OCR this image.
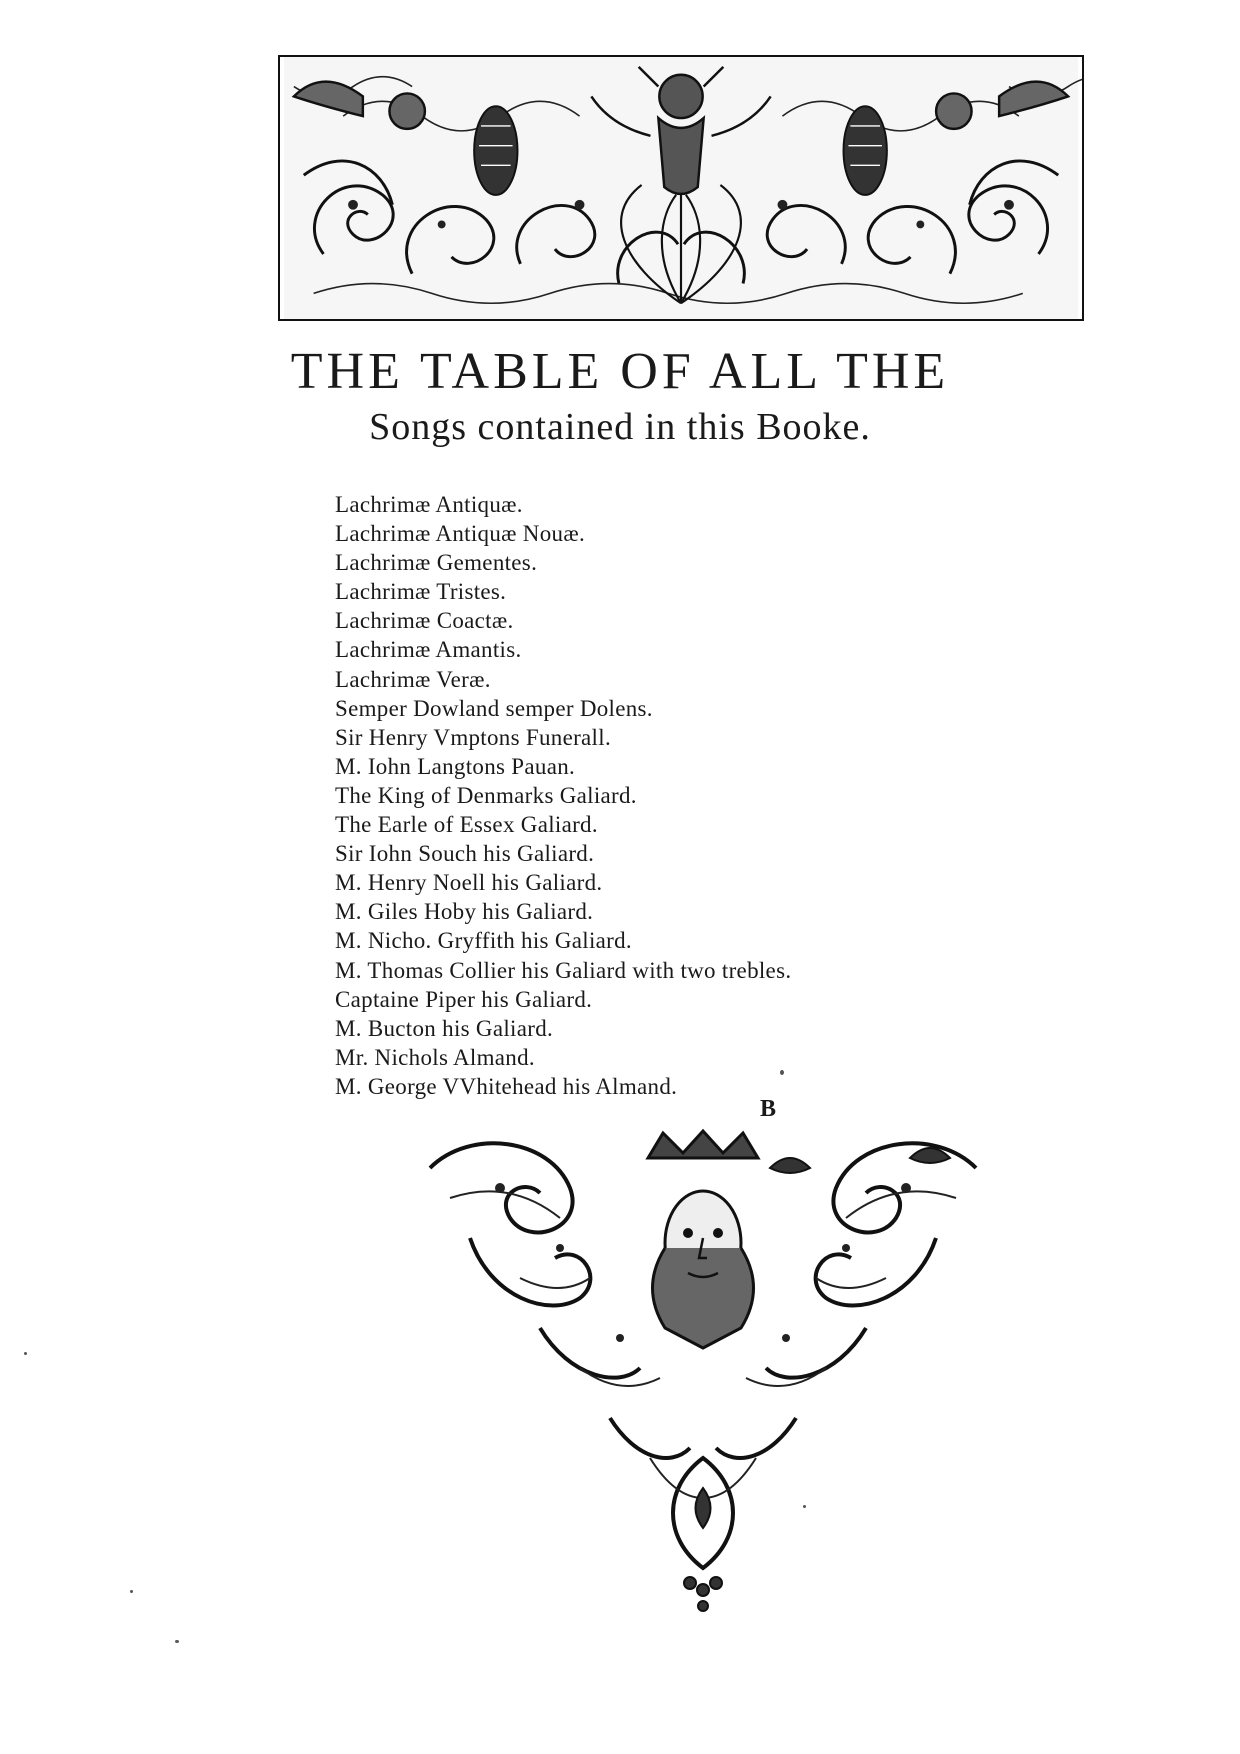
THE TABLE OF ALL THE
Songs contained in this Booke.
Lachrimæ Antiquæ.
Lachrimæ Antiquæ Nouæ.
Lachrimæ Gementes.
Lachrimæ Tristes.
Lachrimæ Coactæ.
Lachrimæ Amantis.
Lachrimæ Veræ.
Semper Dowland semper Dolens.
Sir Henry Vmptons Funerall.
M. Iohn Langtons Pauan.
The King of Denmarks Galiard.
The Earle of Essex Galiard.
Sir Iohn Souch his Galiard.
M. Henry Noell his Galiard.
M. Giles Hoby his Galiard.
M. Nicho. Gryffith his Galiard.
M. Thomas Collier his Galiard with two trebles.
Captaine Piper his Galiard.
M. Bucton his Galiard.
Mr. Nichols Almand.
M. George VVhitehead his Almand.
B
